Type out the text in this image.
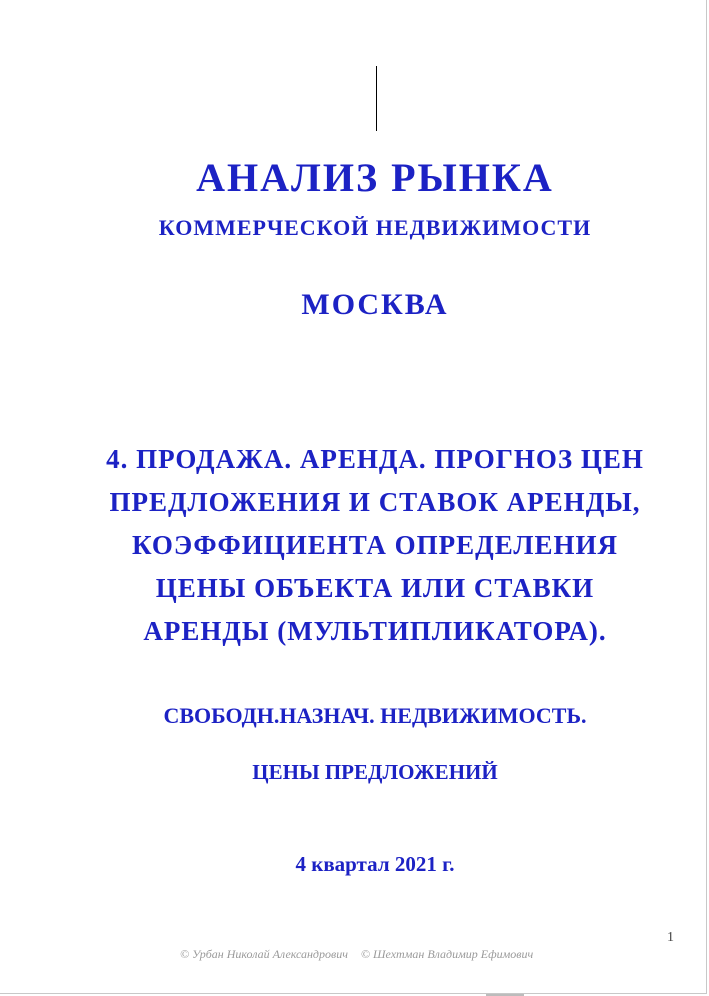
АНАЛИЗ РЫНКА
КОММЕРЧЕСКОЙ НЕДВИЖИМОСТИ
МОСКВА
4. ПРОДАЖА. АРЕНДА. ПРОГНОЗ ЦЕН
ПРЕДЛОЖЕНИЯ И СТАВОК АРЕНДЫ,
КОЭФФИЦИЕНТА ОПРЕДЕЛЕНИЯ
ЦЕНЫ ОБЪЕКТА ИЛИ СТАВКИ
АРЕНДЫ (МУЛЬТИПЛИКАТОРА).
СВОБОДН.НАЗНАЧ. НЕДВИЖИМОСТЬ.
ЦЕНЫ ПРЕДЛОЖЕНИЙ
4 квартал 2021 г.
1
© Урбан Николай Александрович © Шехтман Владимир Ефимович
